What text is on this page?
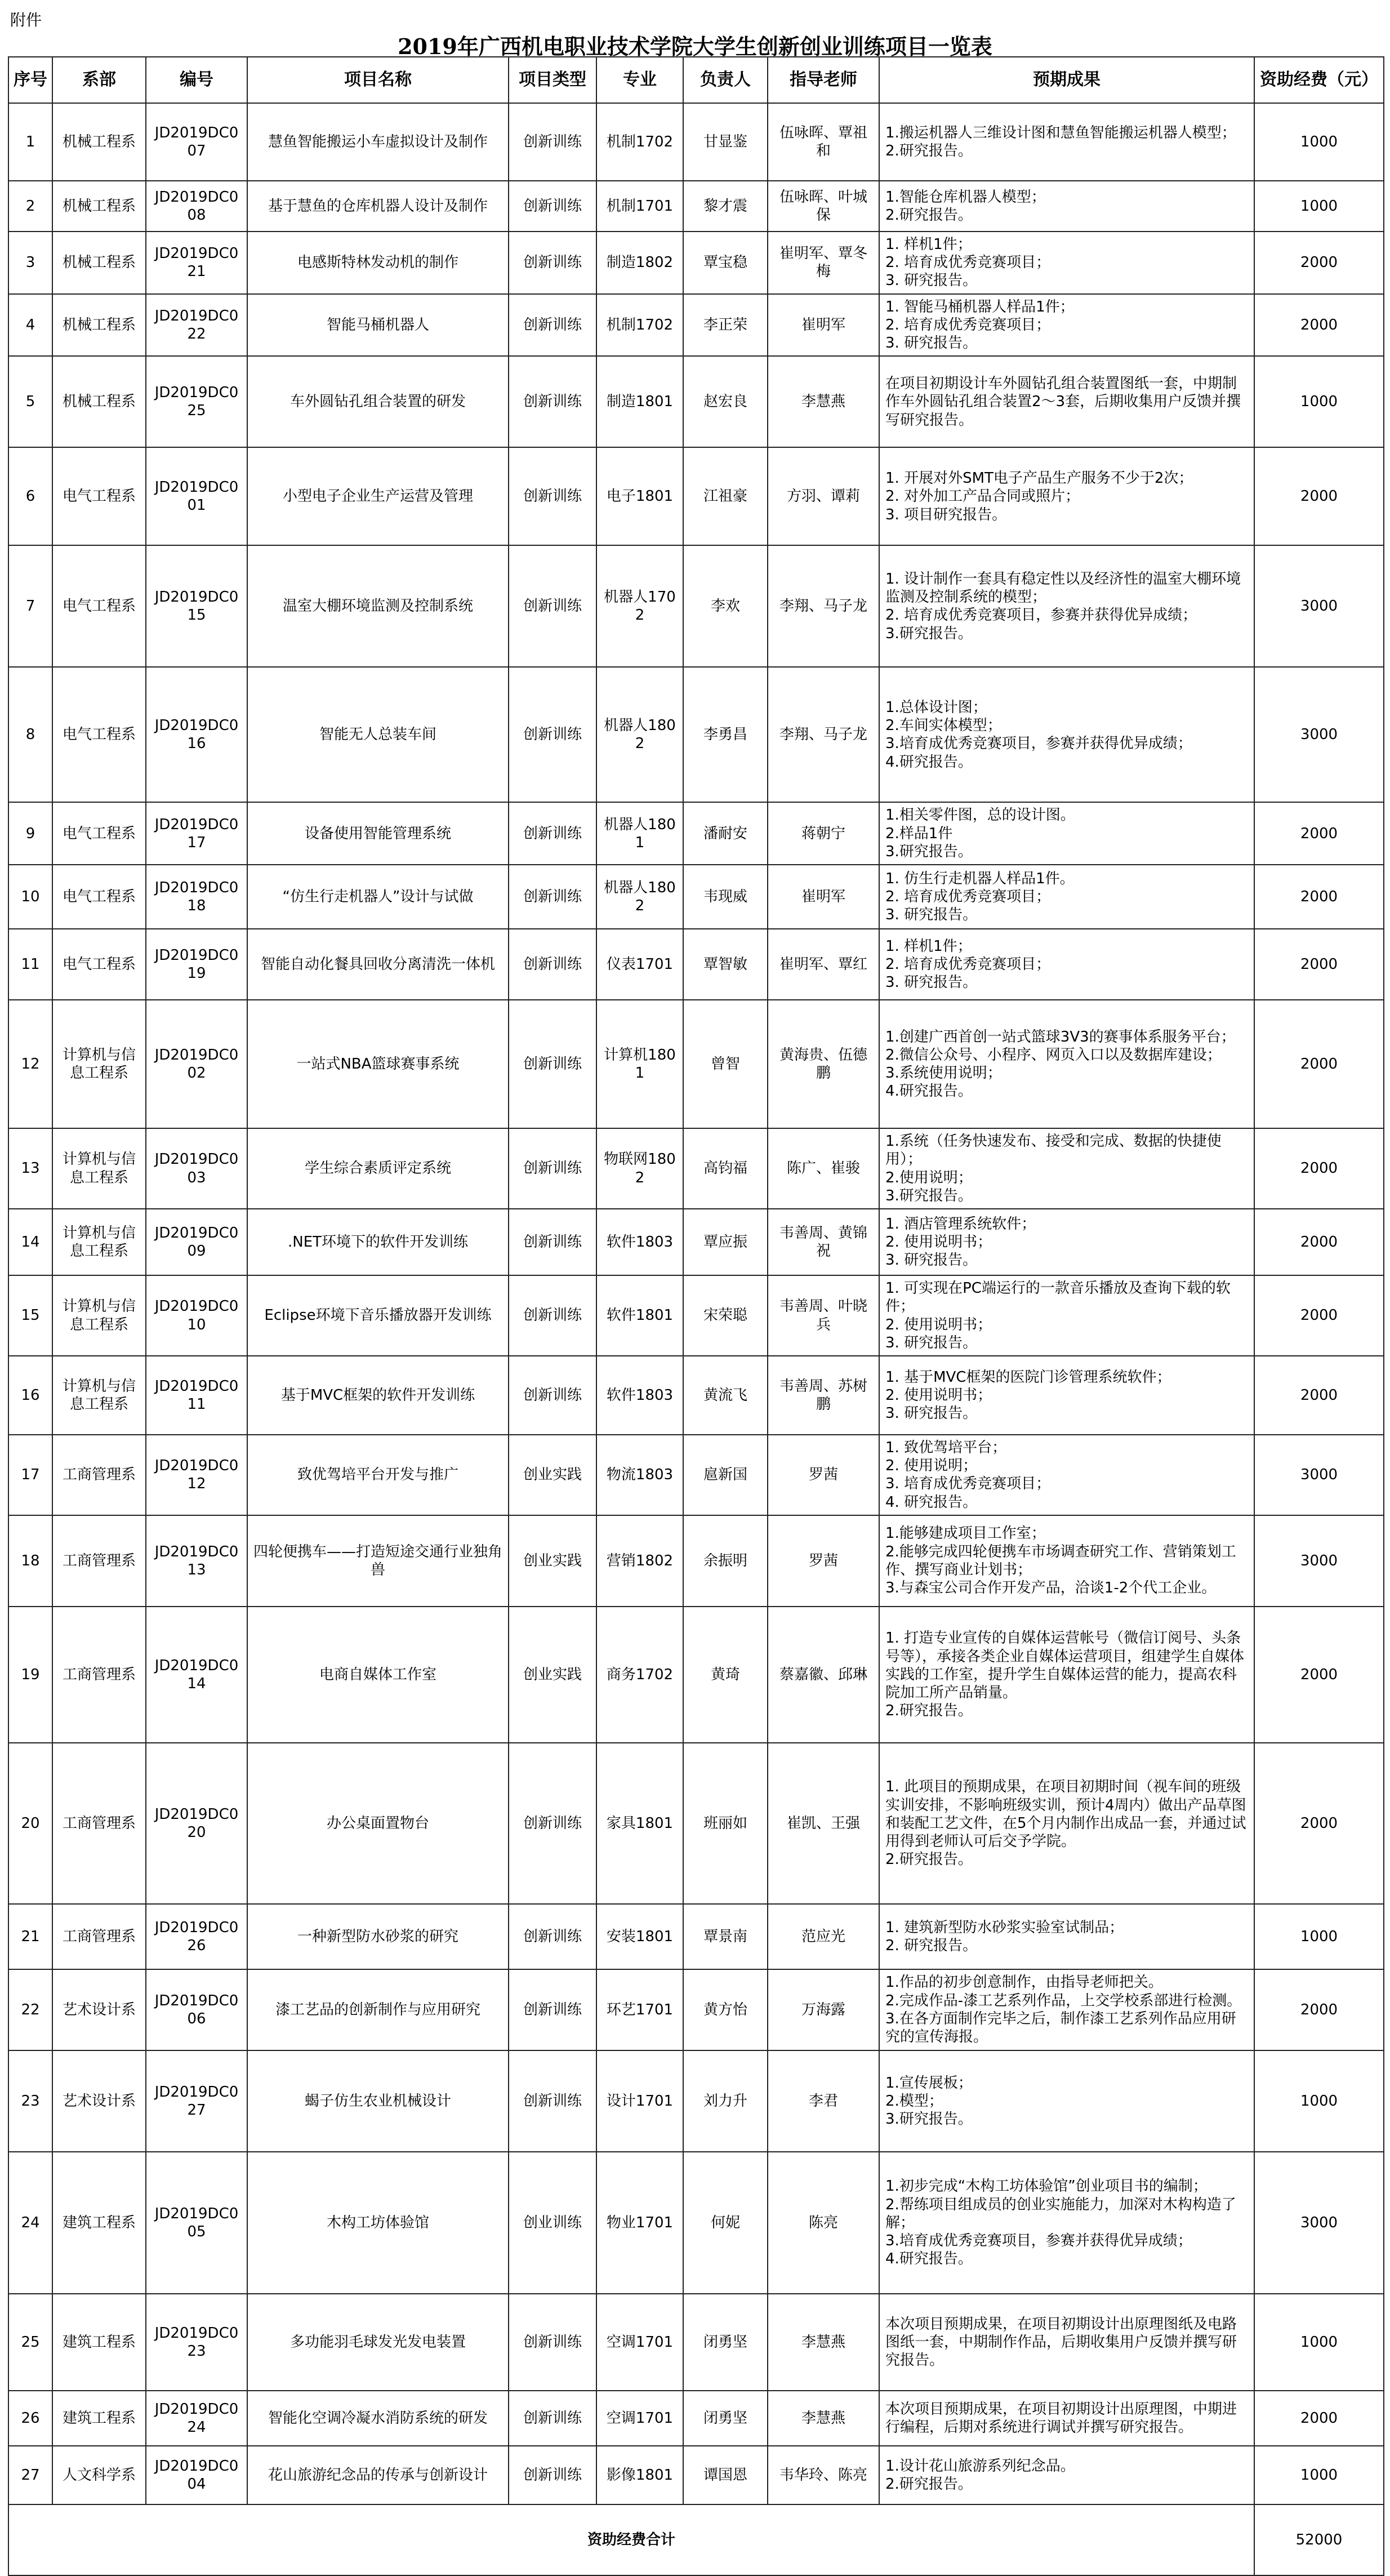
附件
2019年广西机电职业技术学院大学生创新创业训练项目一览表
序号	系部	编号	项目名称	项目类型	专业	负责人	指导老师	预期成果	资助经费（元）
1	机械工程系	JD2019DC007	慧鱼智能搬运小车虚拟设计及制作	创新训练	机制1702	甘显鉴	伍咏晖、覃祖和	1.搬运机器人三维设计图和慧鱼智能搬运机器人模型；
2.研究报告。	1000
2	机械工程系	JD2019DC008	基于慧鱼的仓库机器人设计及制作	创新训练	机制1701	黎才震	伍咏晖、叶城保	1.智能仓库机器人模型；
2.研究报告。	1000
3	机械工程系	JD2019DC021	电感斯特林发动机的制作	创新训练	制造1802	覃宝稳	崔明军、覃冬梅	1. 样机1件；
2. 培育成优秀竞赛项目；
3. 研究报告。	2000
4	机械工程系	JD2019DC022	智能马桶机器人	创新训练	机制1702	李正荣	崔明军	1. 智能马桶机器人样品1件；
2. 培育成优秀竞赛项目；
3. 研究报告。	2000
5	机械工程系	JD2019DC025	车外圆钻孔组合装置的研发	创新训练	制造1801	赵宏良	李慧燕	在项目初期设计车外圆钻孔组合装置图纸一套，中期制作车外圆钻孔组合装置2～3套，后期收集用户反馈并撰写研究报告。	1000
6	电气工程系	JD2019DC001	小型电子企业生产运营及管理	创新训练	电子1801	江祖豪	方羽、谭莉	1. 开展对外SMT电子产品生产服务不少于2次；
2. 对外加工产品合同或照片；
3. 项目研究报告。	2000
7	电气工程系	JD2019DC015	温室大棚环境监测及控制系统	创新训练	机器人1702	李欢	李翔、马子龙	1. 设计制作一套具有稳定性以及经济性的温室大棚环境监测及控制系统的模型；
2. 培育成优秀竞赛项目，参赛并获得优异成绩；
3.研究报告。	3000
8	电气工程系	JD2019DC016	智能无人总装车间	创新训练	机器人1802	李勇昌	李翔、马子龙	1.总体设计图；
2.车间实体模型；
3.培育成优秀竞赛项目，参赛并获得优异成绩；
4.研究报告。	3000
9	电气工程系	JD2019DC017	设备使用智能管理系统	创新训练	机器人1801	潘耐安	蒋朝宁	1.相关零件图，总的设计图。
2.样品1件
3.研究报告。	2000
10	电气工程系	JD2019DC018	“仿生行走机器人”设计与试做	创新训练	机器人1802	韦现威	崔明军	1. 仿生行走机器人样品1件。
2. 培育成优秀竞赛项目；
3. 研究报告。	2000
11	电气工程系	JD2019DC019	智能自动化餐具回收分离清洗一体机	创新训练	仪表1701	覃智敏	崔明军、覃红	1. 样机1件；
2. 培育成优秀竞赛项目；
3. 研究报告。	2000
12	计算机与信息工程系	JD2019DC002	一站式NBA篮球赛事系统	创新训练	计算机1801	曾智	黄海贵、伍德鹏	1.创建广西首创一站式篮球3V3的赛事体系服务平台；
2.微信公众号、小程序、网页入口以及数据库建设；
3.系统使用说明；
4.研究报告。	2000
13	计算机与信息工程系	JD2019DC003	学生综合素质评定系统	创新训练	物联网1802	高钧福	陈广、崔骏	1.系统（任务快速发布、接受和完成、数据的快捷使用）；
2.使用说明；
3.研究报告。	2000
14	计算机与信息工程系	JD2019DC009	.NET环境下的软件开发训练	创新训练	软件1803	覃应振	韦善周、黄锦祝	1. 酒店管理系统软件；
2. 使用说明书；
3. 研究报告。	2000
15	计算机与信息工程系	JD2019DC010	Eclipse环境下音乐播放器开发训练	创新训练	软件1801	宋荣聪	韦善周、叶晓兵	1. 可实现在PC端运行的一款音乐播放及查询下载的软件；
2. 使用说明书；
3. 研究报告。	2000
16	计算机与信息工程系	JD2019DC011	基于MVC框架的软件开发训练	创新训练	软件1803	黄流飞	韦善周、苏树鹏	1. 基于MVC框架的医院门诊管理系统软件；
2. 使用说明书；
3. 研究报告。	2000
17	工商管理系	JD2019DC012	致优驾培平台开发与推广	创业实践	物流1803	扈新国	罗茜	1. 致优驾培平台；
2. 使用说明；
3. 培育成优秀竞赛项目；
4. 研究报告。	3000
18	工商管理系	JD2019DC013	四轮便携车——打造短途交通行业独角兽	创业实践	营销1802	余振明	罗茜	1.能够建成项目工作室；
2.能够完成四轮便携车市场调查研究工作、营销策划工作、撰写商业计划书；
3.与森宝公司合作开发产品，洽谈1-2个代工企业。	3000
19	工商管理系	JD2019DC014	电商自媒体工作室	创业实践	商务1702	黄琦	蔡嘉徽、邱琳	1. 打造专业宣传的自媒体运营帐号（微信订阅号、头条号等），承接各类企业自媒体运营项目，组建学生自媒体实践的工作室，提升学生自媒体运营的能力，提高农科院加工所产品销量。
2.研究报告。	2000
20	工商管理系	JD2019DC020	办公桌面置物台	创新训练	家具1801	班丽如	崔凯、王强	1. 此项目的预期成果，在项目初期时间（视车间的班级实训安排，不影响班级实训，预计4周内）做出产品草图和装配工艺文件，在5个月内制作出成品一套，并通过试用得到老师认可后交予学院。
2.研究报告。	2000
21	工商管理系	JD2019DC026	一种新型防水砂浆的研究	创新训练	安装1801	覃景南	范应光	1. 建筑新型防水砂浆实验室试制品；
2. 研究报告。	1000
22	艺术设计系	JD2019DC006	漆工艺品的创新制作与应用研究	创新训练	环艺1701	黄方怡	万海露	1.作品的初步创意制作，由指导老师把关。
2.完成作品-漆工艺系列作品，上交学校系部进行检测。
3.在各方面制作完毕之后，制作漆工艺系列作品应用研究的宣传海报。	2000
23	艺术设计系	JD2019DC027	蝎子仿生农业机械设计	创新训练	设计1701	刘力升	李君	1.宣传展板；
2.模型；
3.研究报告。	1000
24	建筑工程系	JD2019DC005	木构工坊体验馆	创业训练	物业1701	何妮	陈亮	1.初步完成“木构工坊体验馆”创业项目书的编制；
2.帮练项目组成员的创业实施能力，加深对木构构造了解；
3.培育成优秀竞赛项目，参赛并获得优异成绩；
4.研究报告。	3000
25	建筑工程系	JD2019DC023	多功能羽毛球发光发电装置	创新训练	空调1701	闭勇坚	李慧燕	本次项目预期成果，在项目初期设计出原理图纸及电路图纸一套，中期制作作品，后期收集用户反馈并撰写研究报告。	1000
26	建筑工程系	JD2019DC024	智能化空调冷凝水消防系统的研发	创新训练	空调1701	闭勇坚	李慧燕	本次项目预期成果，在项目初期设计出原理图，中期进行编程，后期对系统进行调试并撰写研究报告。	2000
27	人文科学系	JD2019DC004	花山旅游纪念品的传承与创新设计	创新训练	影像1801	谭国恩	韦华玲、陈亮	1.设计花山旅游系列纪念品。
2.研究报告。	1000
资助经费合计									52000
